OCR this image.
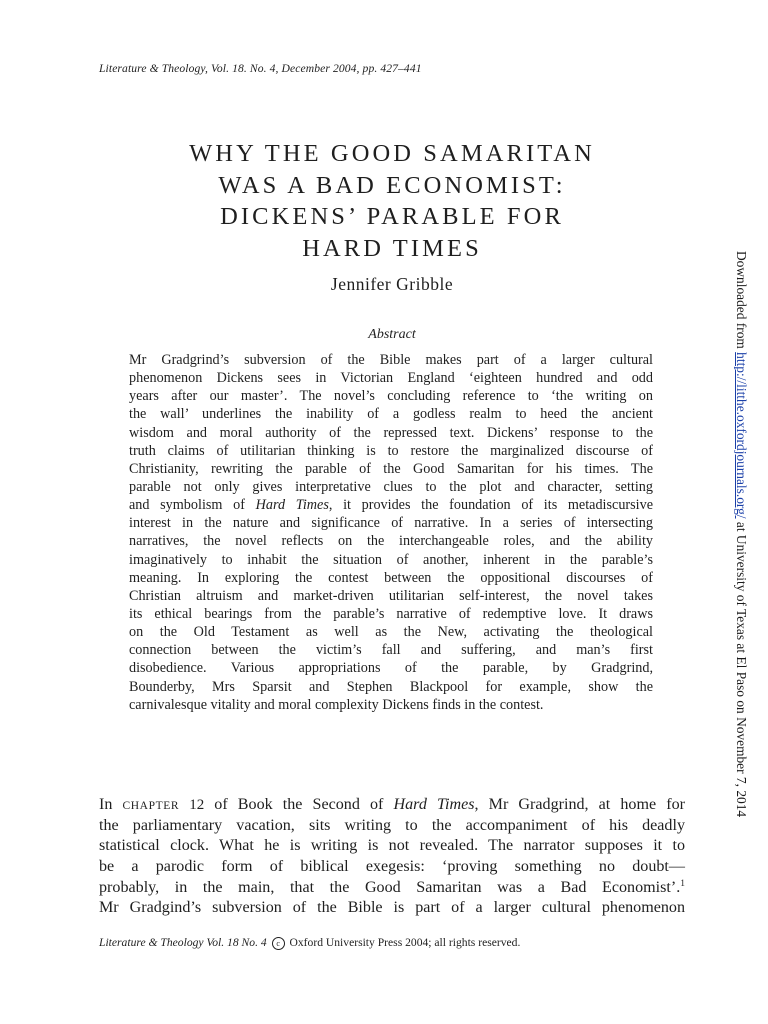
Literature & Theology, Vol. 18. No. 4, December 2004, pp. 427–441
WHY THE GOOD SAMARITAN
WAS A BAD ECONOMIST:
DICKENS’ PARABLE FOR
HARD TIMES
Jennifer Gribble
Abstract
Mr Gradgrind’s subversion of the Bible makes part of a larger cultural
phenomenon Dickens sees in Victorian England ‘eighteen hundred and odd
years after our master’. The novel’s concluding reference to ‘the writing on
the wall’ underlines the inability of a godless realm to heed the ancient
wisdom and moral authority of the repressed text. Dickens’ response to the
truth claims of utilitarian thinking is to restore the marginalized discourse of
Christianity, rewriting the parable of the Good Samaritan for his times. The
parable not only gives interpretative clues to the plot and character, setting
and symbolism of Hard Times, it provides the foundation of its metadiscursive
interest in the nature and significance of narrative. In a series of intersecting
narratives, the novel reflects on the interchangeable roles, and the ability
imaginatively to inhabit the situation of another, inherent in the parable’s
meaning. In exploring the contest between the oppositional discourses of
Christian altruism and market-driven utilitarian self-interest, the novel takes
its ethical bearings from the parable’s narrative of redemptive love. It draws
on the Old Testament as well as the New, activating the theological
connection between the victim’s fall and suffering, and man’s first
disobedience. Various appropriations of the parable, by Gradgrind,
Bounderby, Mrs Sparsit and Stephen Blackpool for example, show the
carnivalesque vitality and moral complexity Dickens finds in the contest.
In CHAPTER 12 of Book the Second of Hard Times, Mr Gradgrind, at home for
the parliamentary vacation, sits writing to the accompaniment of his deadly
statistical clock. What he is writing is not revealed. The narrator supposes it to
be a parodic form of biblical exegesis: ‘proving something no doubt—
probably, in the main, that the Good Samaritan was a Bad Economist’.$^1$
Mr Gradgind’s subversion of the Bible is part of a larger cultural phenomenon
Literature & Theology Vol. 18 No. 4 c Oxford University Press 2004; all rights reserved.
Downloaded from http://litthe.oxfordjournals.org/ at University of Texas at El Paso on November 7, 2014
